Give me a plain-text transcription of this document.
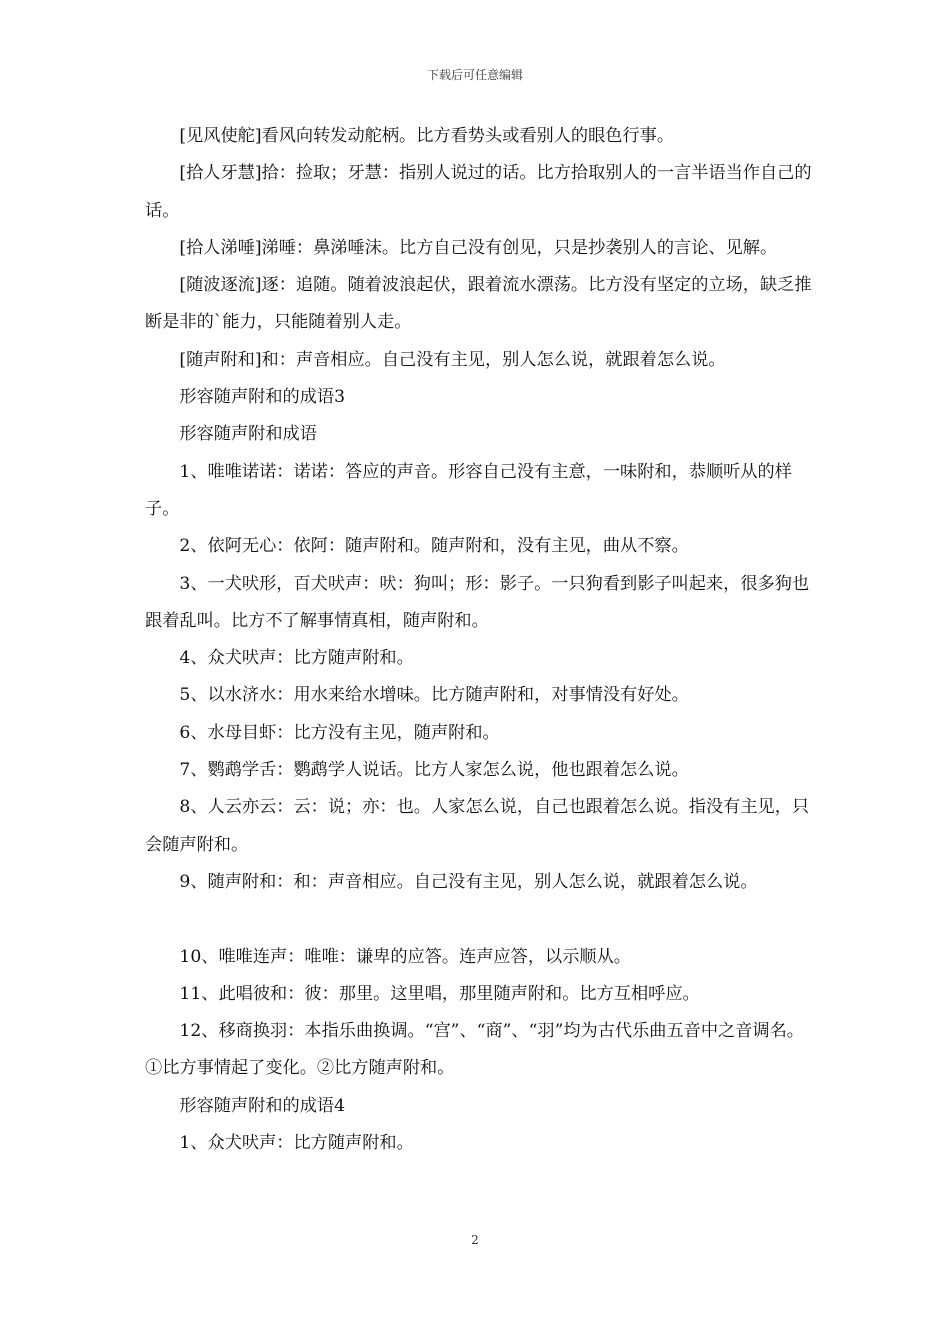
下载后可任意编辑

[见风使舵]看风向转发动舵柄。比方看势头或看别人的眼色行事。

[拾人牙慧]拾：捡取；牙慧：指别人说过的话。比方拾取别人的一言半语当作自己的话。

[拾人涕唾]涕唾：鼻涕唾沫。比方自己没有创见，只是抄袭别人的言论、见解。

[随波逐流]逐：追随。随着波浪起伏，跟着流水漂荡。比方没有坚定的立场，缺乏推断是非的`能力，只能随着别人走。

[随声附和]和：声音相应。自己没有主见，别人怎么说，就跟着怎么说。

形容随声附和的成语3

形容随声附和成语

1、唯唯诺诺：诺诺：答应的声音。形容自己没有主意，一味附和，恭顺听从的样子。

2、依阿无心：依阿：随声附和。随声附和，没有主见，曲从不察。

3、一犬吠形，百犬吠声：吠：狗叫；形：影子。一只狗看到影子叫起来，很多狗也跟着乱叫。比方不了解事情真相，随声附和。

4、众犬吠声：比方随声附和。

5、以水济水：用水来给水增味。比方随声附和，对事情没有好处。

6、水母目虾：比方没有主见，随声附和。

7、鹦鹉学舌：鹦鹉学人说话。比方人家怎么说，他也跟着怎么说。

8、人云亦云：云：说；亦：也。人家怎么说，自己也跟着怎么说。指没有主见，只会随声附和。

9、随声附和：和：声音相应。自己没有主见，别人怎么说，就跟着怎么说。

10、唯唯连声：唯唯：谦卑的应答。连声应答，以示顺从。

11、此唱彼和：彼：那里。这里唱，那里随声附和。比方互相呼应。

12、移商换羽：本指乐曲换调。“宫”、“商”、“羽”均为古代乐曲五音中之音调名。①比方事情起了变化。②比方随声附和。

形容随声附和的成语4

1、众犬吠声：比方随声附和。

2
